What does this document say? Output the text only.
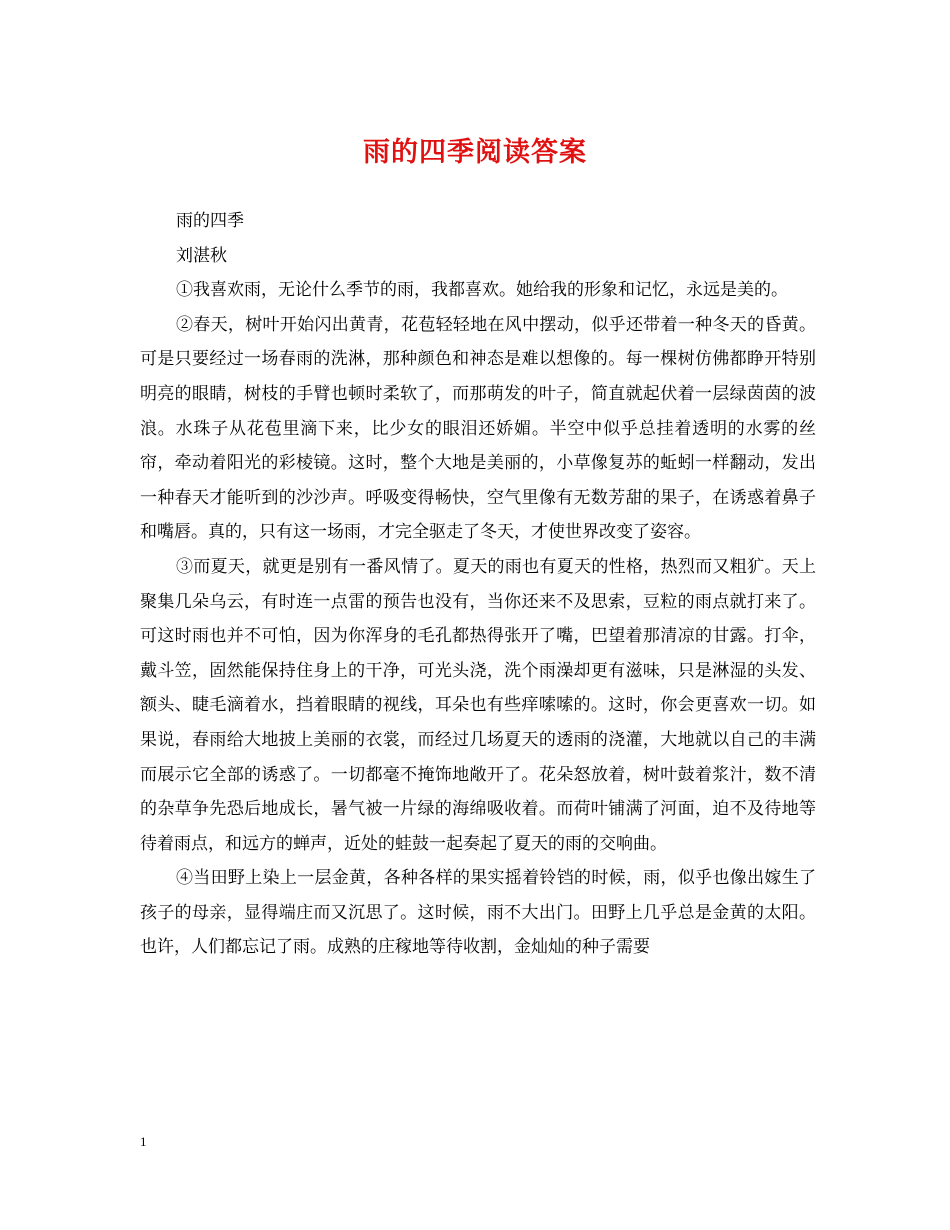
雨的四季阅读答案

雨的四季

刘湛秋

①我喜欢雨，无论什么季节的雨，我都喜欢。她给我的形象和记忆，永远是美的。

②春天，树叶开始闪出黄青，花苞轻轻地在风中摆动，似乎还带着一种冬天的昏黄。可是只要经过一场春雨的洗淋，那种颜色和神态是难以想像的。每一棵树仿佛都睁开特别明亮的眼睛，树枝的手臂也顿时柔软了，而那萌发的叶子，简直就起伏着一层绿茵茵的波浪。水珠子从花苞里滴下来，比少女的眼泪还娇媚。半空中似乎总挂着透明的水雾的丝帘，牵动着阳光的彩棱镜。这时，整个大地是美丽的，小草像复苏的蚯蚓一样翻动，发出一种春天才能听到的沙沙声。呼吸变得畅快，空气里像有无数芳甜的果子，在诱惑着鼻子和嘴唇。真的，只有这一场雨，才完全驱走了冬天，才使世界改变了姿容。

③而夏天，就更是别有一番风情了。夏天的雨也有夏天的性格，热烈而又粗犷。天上聚集几朵乌云，有时连一点雷的预告也没有，当你还来不及思索，豆粒的雨点就打来了。可这时雨也并不可怕，因为你浑身的毛孔都热得张开了嘴，巴望着那清凉的甘露。打伞，戴斗笠，固然能保持住身上的干净，可光头浇，洗个雨澡却更有滋味，只是淋湿的头发、额头、睫毛滴着水，挡着眼睛的视线，耳朵也有些痒嗦嗦的。这时，你会更喜欢一切。如果说，春雨给大地披上美丽的衣裳，而经过几场夏天的透雨的浇灌，大地就以自己的丰满而展示它全部的诱惑了。一切都毫不掩饰地敞开了。花朵怒放着，树叶鼓着浆汁，数不清的杂草争先恐后地成长，暑气被一片绿的海绵吸收着。而荷叶铺满了河面，迫不及待地等待着雨点，和远方的蝉声，近处的蛙鼓一起奏起了夏天的雨的交响曲。

④当田野上染上一层金黄，各种各样的果实摇着铃铛的时候，雨，似乎也像出嫁生了孩子的母亲，显得端庄而又沉思了。这时候，雨不大出门。田野上几乎总是金黄的太阳。也许，人们都忘记了雨。成熟的庄稼地等待收割，金灿灿的种子需要

1
